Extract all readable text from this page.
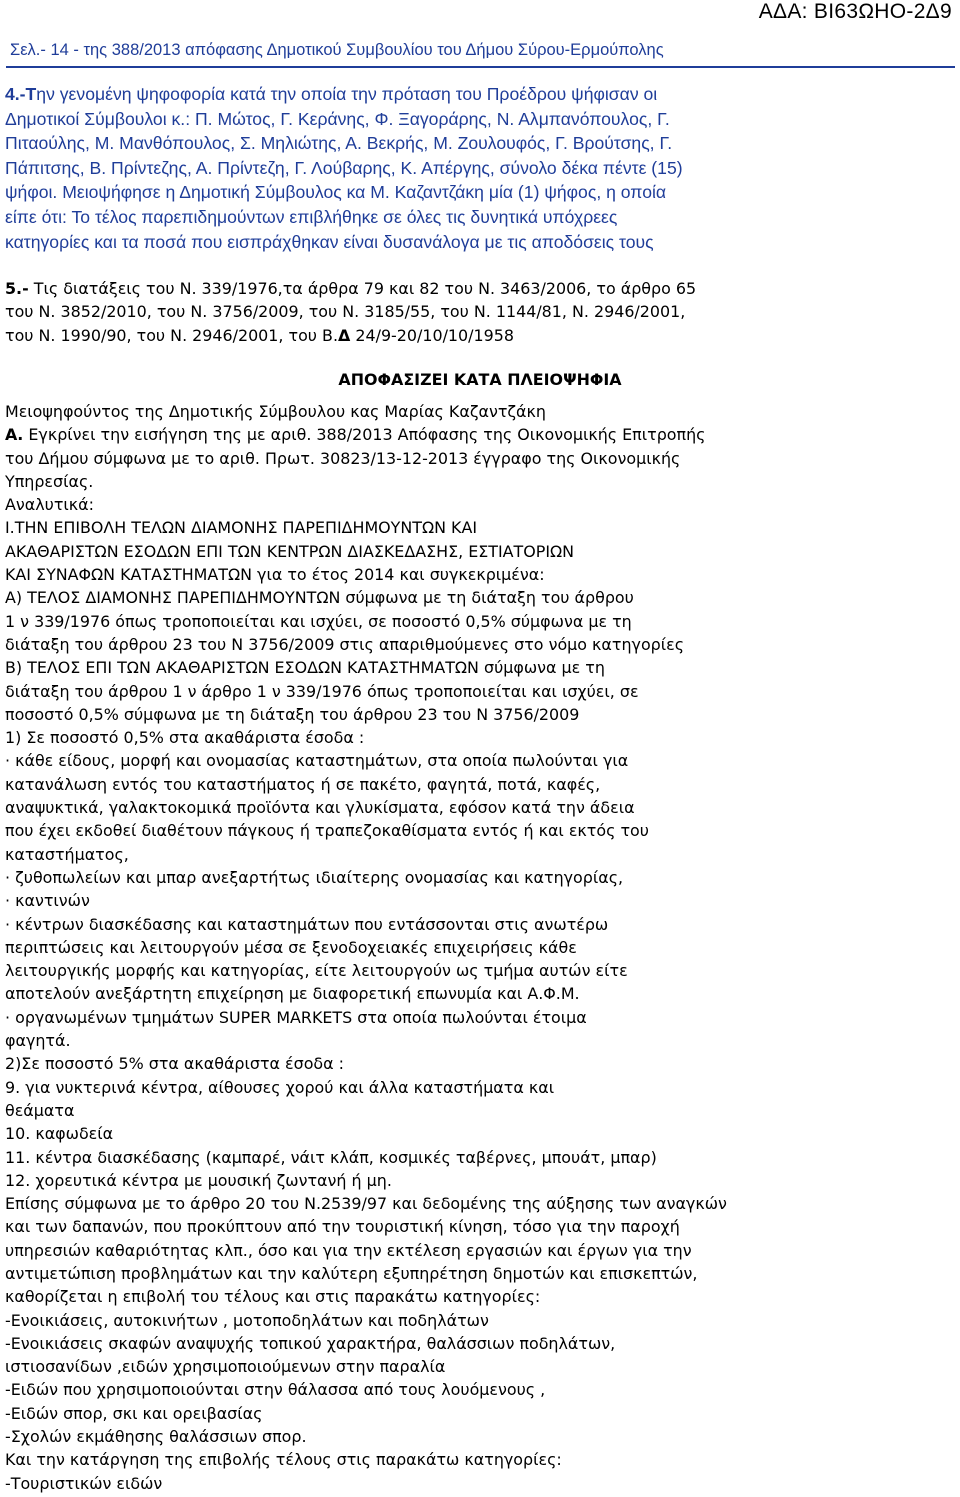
ΑΔΑ: ΒΙ63ΩΗΟ-2Δ9
Σελ.- 14 - της 388/2013 απόφασης Δημοτικού Συμβουλίου του Δήμου Σύρου-Ερμούπολης
4.-Την γενομένη ψηφοφορία κατά την οποία την πρόταση του Προέδρου ψήφισαν οι
Δημοτικοί Σύμβουλοι κ.: Π. Μώτος, Γ. Κεράνης, Φ. Ξαγοράρης, Ν. Αλμπανόπουλος, Γ.
Πιταούλης, Μ. Μανθόπουλος, Σ. Μηλιώτης, Α. Βεκρής, Μ. Ζουλουφός, Γ. Βρούτσης, Γ.
Πάπιτσης, Β. Πρίντεζης, Α. Πρίντεζη, Γ. Λούβαρης, Κ. Απέργης, σύνολο δέκα πέντε (15)
ψήφοι. Μειοψήφησε η Δημοτική Σύμβουλος κα Μ. Καζαντζάκη μία (1) ψήφος, η οποία
είπε ότι: Το τέλος παρεπιδημούντων επιβλήθηκε σε όλες τις δυνητικά υπόχρεες
κατηγορίες και τα ποσά που εισπράχθηκαν είναι δυσανάλογα με τις αποδόσεις τους
5.- Τις διατάξεις του Ν. 339/1976,τα άρθρα 79 και 82 του Ν. 3463/2006, το άρθρο 65
του Ν. 3852/2010, του Ν. 3756/2009, του Ν. 3185/55, του Ν. 1144/81, Ν. 2946/2001,
του Ν. 1990/90, του Ν. 2946/2001, του Β.Δ 24/9-20/10/10/1958
ΑΠΟΦΑΣΙΖΕΙ ΚΑΤΑ ΠΛΕΙΟΨΗΦΙΑ
Μειοψηφούντος της Δημοτικής Σύμβουλου κας Μαρίας Καζαντζάκη
Α. Εγκρίνει την εισήγηση της με αριθ. 388/2013 Απόφασης της Οικονομικής Επιτροπής
του Δήμου σύμφωνα με το αριθ. Πρωτ. 30823/13-12-2013 έγγραφο της Οικονομικής
Υπηρεσίας.
Αναλυτικά:
Ι.ΤΗΝ ΕΠΙΒΟΛΗ ΤΕΛΩΝ ΔΙΑΜΟΝΗΣ ΠΑΡΕΠΙΔΗΜΟΥΝΤΩΝ ΚΑΙ
ΑΚΑΘΑΡΙΣΤΩΝ ΕΣΟΔΩΝ ΕΠΙ ΤΩΝ ΚΕΝΤΡΩΝ ΔΙΑΣΚΕΔΑΣΗΣ, ΕΣΤΙΑΤΟΡΙΩΝ
ΚΑΙ ΣΥΝΑΦΩΝ ΚΑΤΑΣΤΗΜΑΤΩΝ για το έτος 2014 και συγκεκριμένα:
Α) ΤΕΛΟΣ ΔΙΑΜΟΝΗΣ ΠΑΡΕΠΙΔΗΜΟΥΝΤΩΝ σύμφωνα με τη διάταξη του άρθρου
1 ν 339/1976 όπως τροποποιείται και ισχύει, σε ποσοστό 0,5% σύμφωνα με τη
διάταξη του άρθρου 23 του Ν 3756/2009 στις απαριθμούμενες στο νόμο κατηγορίες
Β) ΤΕΛΟΣ ΕΠΙ ΤΩΝ ΑΚΑΘΑΡΙΣΤΩΝ ΕΣΟΔΩΝ ΚΑΤΑΣΤΗΜΑΤΩΝ σύμφωνα με τη
διάταξη του άρθρου 1 ν άρθρο 1 ν 339/1976 όπως τροποποιείται και ισχύει, σε
ποσοστό 0,5% σύμφωνα με τη διάταξη του άρθρου 23 του Ν 3756/2009
1) Σε ποσοστό 0,5% στα ακαθάριστα έσοδα :
· κάθε είδους, μορφή και ονομασίας καταστημάτων, στα οποία πωλούνται για
κατανάλωση εντός του καταστήματος ή σε πακέτο, φαγητά, ποτά, καφές,
αναψυκτικά, γαλακτοκομικά προϊόντα και γλυκίσματα, εφόσον κατά την άδεια
που έχει εκδοθεί διαθέτουν πάγκους ή τραπεζοκαθίσματα εντός ή και εκτός του
καταστήματος,
· ζυθοπωλείων και μπαρ ανεξαρτήτως ιδιαίτερης ονομασίας και κατηγορίας,
· καντινών
· κέντρων διασκέδασης και καταστημάτων που εντάσσονται στις ανωτέρω
περιπτώσεις και λειτουργούν μέσα σε ξενοδοχειακές επιχειρήσεις κάθε
λειτουργικής μορφής και κατηγορίας, είτε λειτουργούν ως τμήμα αυτών είτε
αποτελούν ανεξάρτητη επιχείρηση με διαφορετική επωνυμία και Α.Φ.Μ.
· οργανωμένων τμημάτων SUPER MARKETS στα οποία πωλούνται έτοιμα
φαγητά.
2)Σε ποσοστό 5% στα ακαθάριστα έσοδα :
9. για νυκτερινά κέντρα, αίθουσες χορού και άλλα καταστήματα και
θεάματα
10. καφωδεία
11. κέντρα διασκέδασης (καμπαρέ, νάιτ κλάπ, κοσμικές ταβέρνες, μπουάτ, μπαρ)
12. χορευτικά κέντρα με μουσική ζωντανή ή μη.
Επίσης σύμφωνα με το άρθρο 20 του Ν.2539/97 και δεδομένης της αύξησης των αναγκών
και των δαπανών, που προκύπτουν από την τουριστική κίνηση, τόσο για την παροχή
υπηρεσιών καθαριότητας κλπ., όσο και για την εκτέλεση εργασιών και έργων για την
αντιμετώπιση προβλημάτων και την καλύτερη εξυπηρέτηση δημοτών και επισκεπτών,
καθορίζεται η επιβολή του τέλους και στις παρακάτω κατηγορίες:
-Ενοικιάσεις, αυτοκινήτων , μοτοποδηλάτων και ποδηλάτων
-Ενοικιάσεις σκαφών αναψυχής τοπικού χαρακτήρα, θαλάσσιων ποδηλάτων,
ιστιοσανίδων ,ειδών χρησιμοποιούμενων στην παραλία
-Ειδών που χρησιμοποιούνται στην θάλασσα από τους λουόμενους ,
-Ειδών σπορ, σκι και ορειβασίας
-Σχολών εκμάθησης θαλάσσιων σπορ.
Και την κατάργηση της επιβολής τέλους στις παρακάτω κατηγορίες:
-Τουριστικών ειδών
